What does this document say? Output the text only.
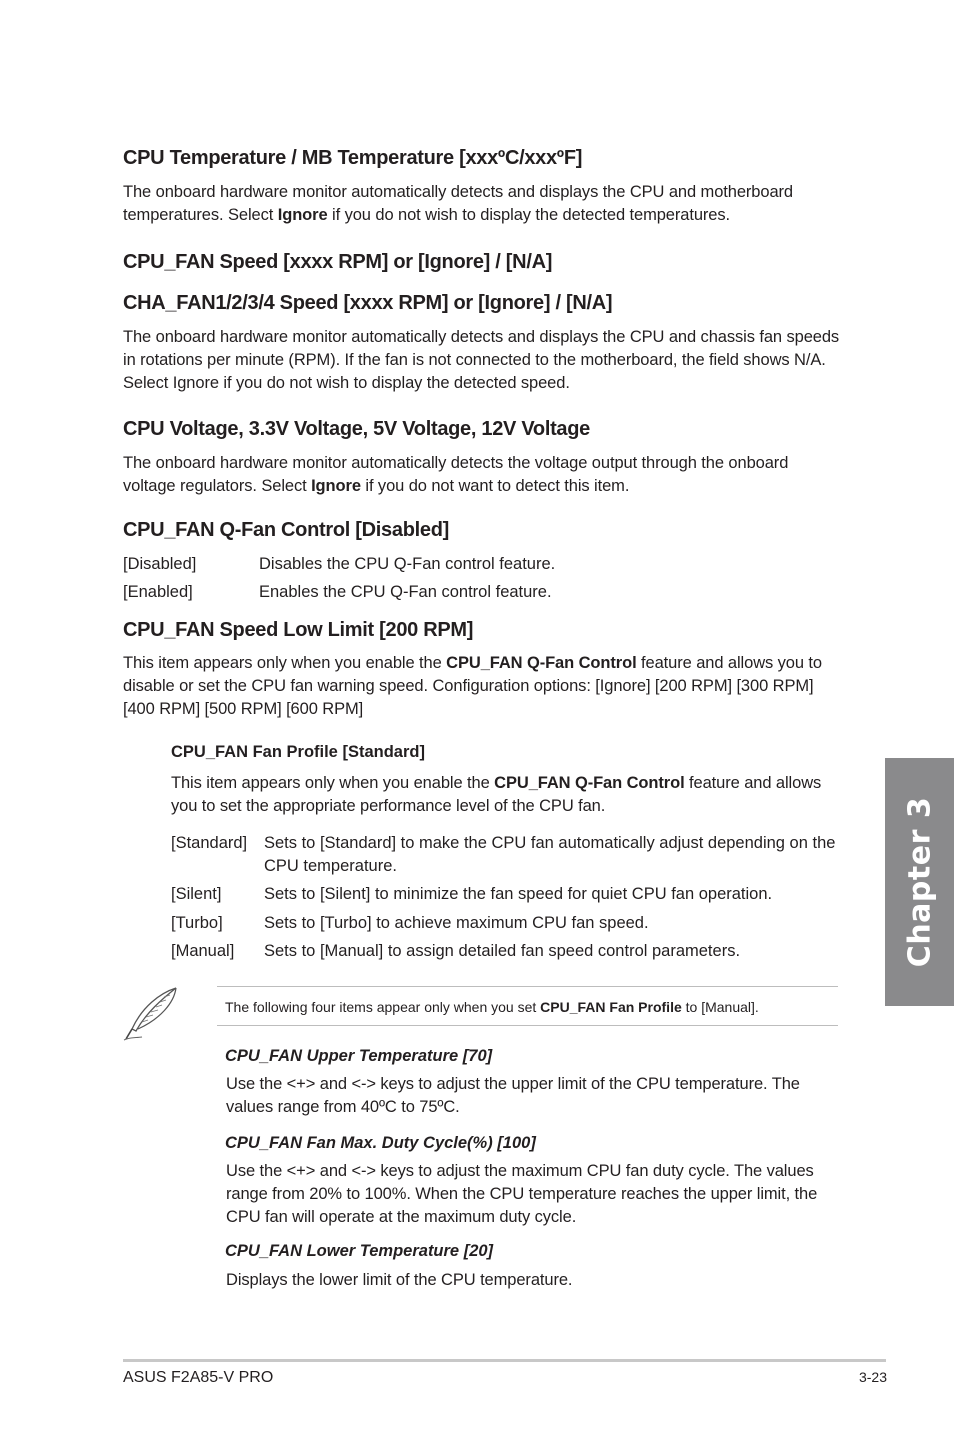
CPU Temperature / MB Temperature [xxxºC/xxxºF]

The onboard hardware monitor automatically detects and displays the CPU and motherboard temperatures. Select Ignore if you do not wish to display the detected temperatures.

CPU_FAN Speed [xxxx RPM] or [Ignore] / [N/A]
CHA_FAN1/2/3/4 Speed [xxxx RPM] or [Ignore] / [N/A]

The onboard hardware monitor automatically detects and displays the CPU and chassis fan speeds in rotations per minute (RPM). If the fan is not connected to the motherboard, the field shows N/A. Select Ignore if you do not wish to display the detected speed.

CPU Voltage, 3.3V Voltage, 5V Voltage, 12V Voltage

The onboard hardware monitor automatically detects the voltage output through the onboard voltage regulators. Select Ignore if you do not want to detect this item.

CPU_FAN Q-Fan Control [Disabled]
[Disabled]	Disables the CPU Q-Fan control feature.
[Enabled]	Enables the CPU Q-Fan control feature.
CPU_FAN Speed Low Limit [200 RPM]

This item appears only when you enable the CPU_FAN Q-Fan Control feature and allows you to disable or set the CPU fan warning speed. Configuration options: [Ignore] [200 RPM] [300 RPM] [400 RPM] [500 RPM] [600 RPM]

CPU_FAN Fan Profile [Standard]

This item appears only when you enable the CPU_FAN Q-Fan Control feature and allows you to set the appropriate performance level of the CPU fan.

[Standard] Sets to [Standard] to make the CPU fan automatically adjust depending on the CPU temperature.
[Silent]	Sets to [Silent] to minimize the fan speed for quiet CPU fan operation.
[Turbo]	Sets to [Turbo] to achieve maximum CPU fan speed.
[Manual] Sets to [Manual] to assign detailed fan speed control parameters.
The following four items appear only when you set CPU_FAN Fan Profile to [Manual].
CPU_FAN Upper Temperature [70]

Use the <+> and <-> keys to adjust the upper limit of the CPU temperature. The values range from 40ºC to 75ºC.

CPU_FAN Fan Max. Duty Cycle(%) [100]

Use the <+> and <-> keys to adjust the maximum CPU fan duty cycle. The values range from 20% to 100%. When the CPU temperature reaches the upper limit, the CPU fan will operate at the maximum duty cycle.

CPU_FAN Lower Temperature [20]

Displays the lower limit of the CPU temperature.

Chapter 3
ASUS F2A85-V PRO	3-23
